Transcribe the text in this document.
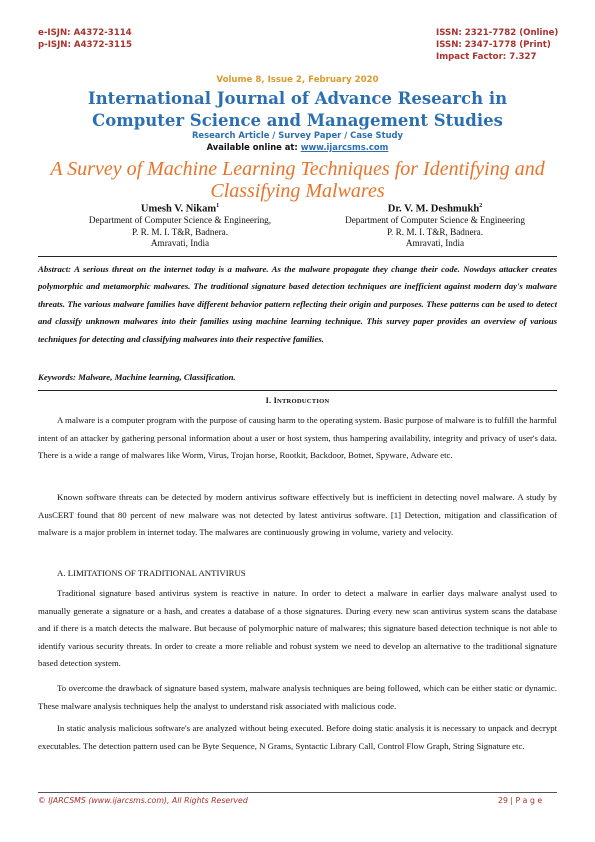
e-ISJN: A4372-3114
p-ISJN: A4372-3115
ISSN: 2321-7782 (Online)
ISSN: 2347-1778 (Print)
Impact Factor: 7.327
Volume 8, Issue 2, February 2020
International Journal of Advance Research in
Computer Science and Management Studies
Research Article / Survey Paper / Case Study
Available online at: www.ijarcsms.com
A Survey of Machine Learning Techniques for Identifying and
Classifying Malwares
Umesh V. Nikam$^1$
Department of Computer Science & Engineering,
P. R. M. I. T&R, Badnera.
Amravati, India
Dr. V. M. Deshmukh$^2$
Department of Computer Science & Engineering
P. R. M. I. T&R, Badnera.
Amravati, India
Abstract: A serious threat on the internet today is a malware. As the malware propagate they change their code. Nowdays attacker creates polymorphic and metamorphic malwares. The traditional signature based detection techniques are inefficient against modern day's malware threats. The various malware families have different behavior pattern reflecting their origin and purposes. These patterns can be used to detect and classify unknown malwares into their families using machine learning technique. This survey paper provides an overview of various techniques for detecting and classifying malwares into their respective families.
Keywords: Malware, Machine learning, Classification.
I. INTRODUCTION
A malware is a computer program with the purpose of causing harm to the operating system. Basic purpose of malware is to fulfill the harmful intent of an attacker by gathering personal information about a user or host system, thus hampering availability, integrity and privacy of user's data. There is a wide a range of malwares like Worm, Virus, Trojan horse, Rootkit, Backdoor, Botnet, Spyware, Adware etc.
Known software threats can be detected by modern antivirus software effectively but is inefficient in detecting novel malware. A study by AusCERT found that 80 percent of new malware was not detected by latest antivirus software. [1] Detection, mitigation and classification of malware is a major problem in internet today. The malwares are continuously growing in volume, variety and velocity.
A. LIMITATIONS OF TRADITIONAL ANTIVIRUS
Traditional signature based antivirus system is reactive in nature. In order to detect a malware in earlier days malware analyst used to manually generate a signature or a hash, and creates a database of a those signatures. During every new scan antivirus system scans the database and if there is a match detects the malware. But because of polymorphic nature of malwares; this signature based detection technique is not able to identify various security threats. In order to create a more reliable and robust system we need to develop an alternative to the traditional signature based detection system.
To overcome the drawback of signature based system, malware analysis techniques are being followed, which can be either static or dynamic. These malware analysis techniques help the analyst to understand risk associated with malicious code.
In static analysis malicious software's are analyzed without being executed. Before doing static analysis it is necessary to unpack and decrypt executables. The detection pattern used can be Byte Sequence, N Grams, Syntactic Library Call, Control Flow Graph, String Signature etc.
© IJARCSMS (www.ijarcsms.com), All Rights Reserved	29 | P a g e
